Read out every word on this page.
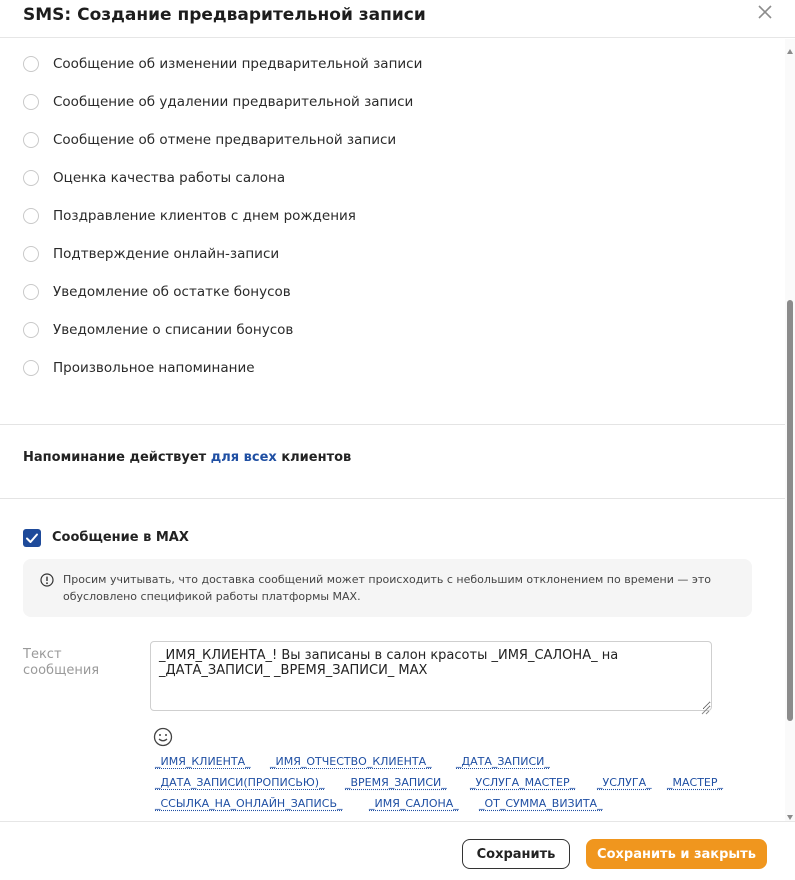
SMS: Создание предварительной записи
Сообщение об изменении предварительной записи
Сообщение об удалении предварительной записи
Сообщение об отмене предварительной записи
Оценка качества работы салона
Поздравление клиентов с днем рождения
Подтверждение онлайн-записи
Уведомление об остатке бонусов
Уведомление о списании бонусов
Произвольное напоминание
Напоминание действует для всех клиентов
Сообщение в MAX
Просим учитывать, что доставка сообщений может происходить с небольшим отклонением по времени — это обусловлено спецификой работы платформы MAX.
Текст сообщения
_ИМЯ_КЛИЕНТА_! Вы записаны в салон красоты _ИМЯ_САЛОНА_ на _ДАТА_ЗАПИСИ_ _ВРЕМЯ_ЗАПИСИ_ MAX
_ИМЯ_КЛИЕНТА_ _ИМЯ_ОТЧЕСТВО_КЛИЕНТА_ _ДАТА_ЗАПИСИ_
_ДАТА_ЗАПИСИ(ПРОПИСЬЮ)_ _ВРЕМЯ_ЗАПИСИ_ _УСЛУГА_МАСТЕР_ _УСЛУГА_ _МАСТЕР_
_ССЫЛКА_НА_ОНЛАЙН_ЗАПИСЬ_ _ИМЯ_САЛОНА_ _ОТ_СУММА_ВИЗИТА_
Сохранить	Сохранить и закрыть
